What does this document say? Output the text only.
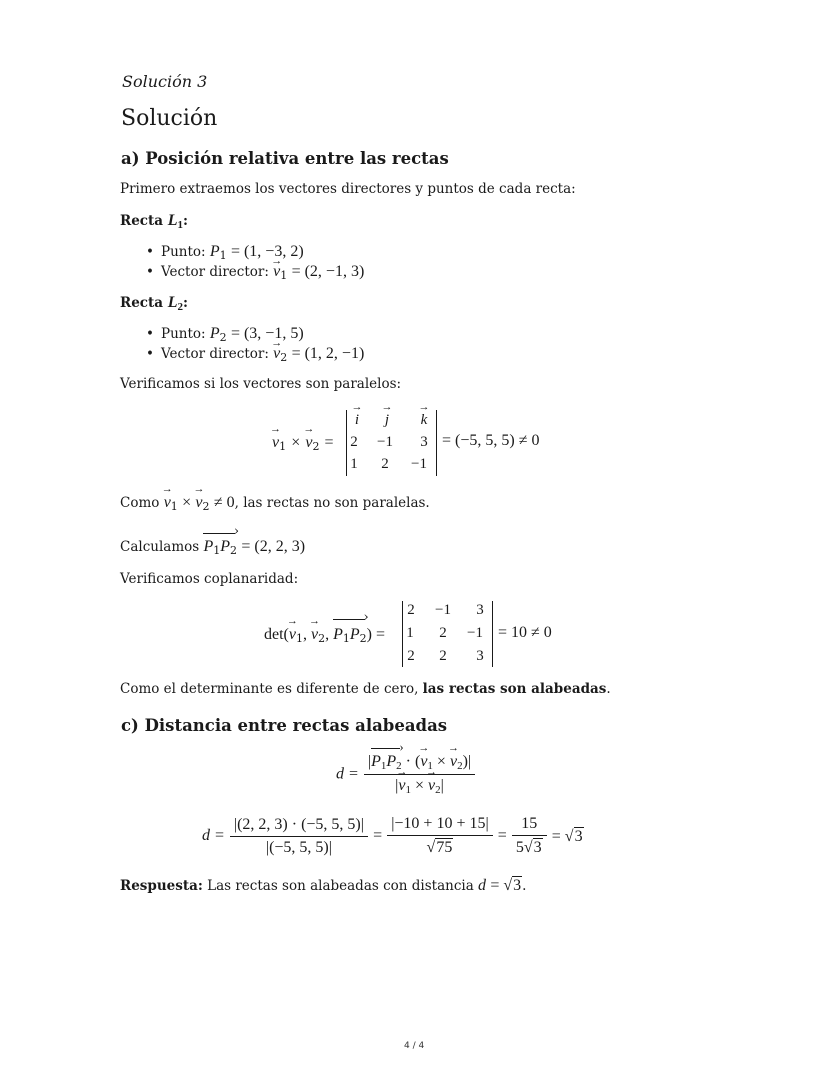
Solución 3
Solución
a) Posición relativa entre las rectas
Primero extraemos los vectores directores y puntos de cada recta:
Recta $L_1$:
• Punto: $P_1 = (1$, −3, 2)
• Vector director: $v \to_1 = (2$, −1, 3)
Recta $L_2$:
• Punto: $P_2 = (3$, −1, 5)
• Vector director: $v \to_2 = (1$, 2, −1)
Verificamos si los vectores son paralelos:
$v \to_1 \times v \to_2$ =
i →	j →	k →
2	−1	3
1	2	−1
= (−5, 5, 5) ≠ 0
Como $v \to_1 \times v \to_2 \ne 0$, las rectas no son paralelas.
Calculamos $P_1P_2$ › = (2, 2, 3)
Verificamos coplanaridad:
$\det(v \to_1$, $v \to_2$, $P_1P_2$ ›) =
2	−1	3
1	2	−1
2	2	3
= 10 ≠ 0
Como el determinante es diferente de cero, las rectas son alabeadas.
c) Distancia entre rectas alabeadas
$d = \frac{|P_1P_2 › \cdot (v \to_1 \times v \to_2)|}{|v \to_1 \times v \to_2|}$
$d = \frac{|(2, 2, 3) \cdot (-5, 5, 5)|}{|(-5, 5, 5)|} = \frac{|-10 + 10 + 15|}{√75} = \frac{15}{5√3} = √3$
Respuesta: Las rectas son alabeadas con distancia d = √3.
4 / 4
